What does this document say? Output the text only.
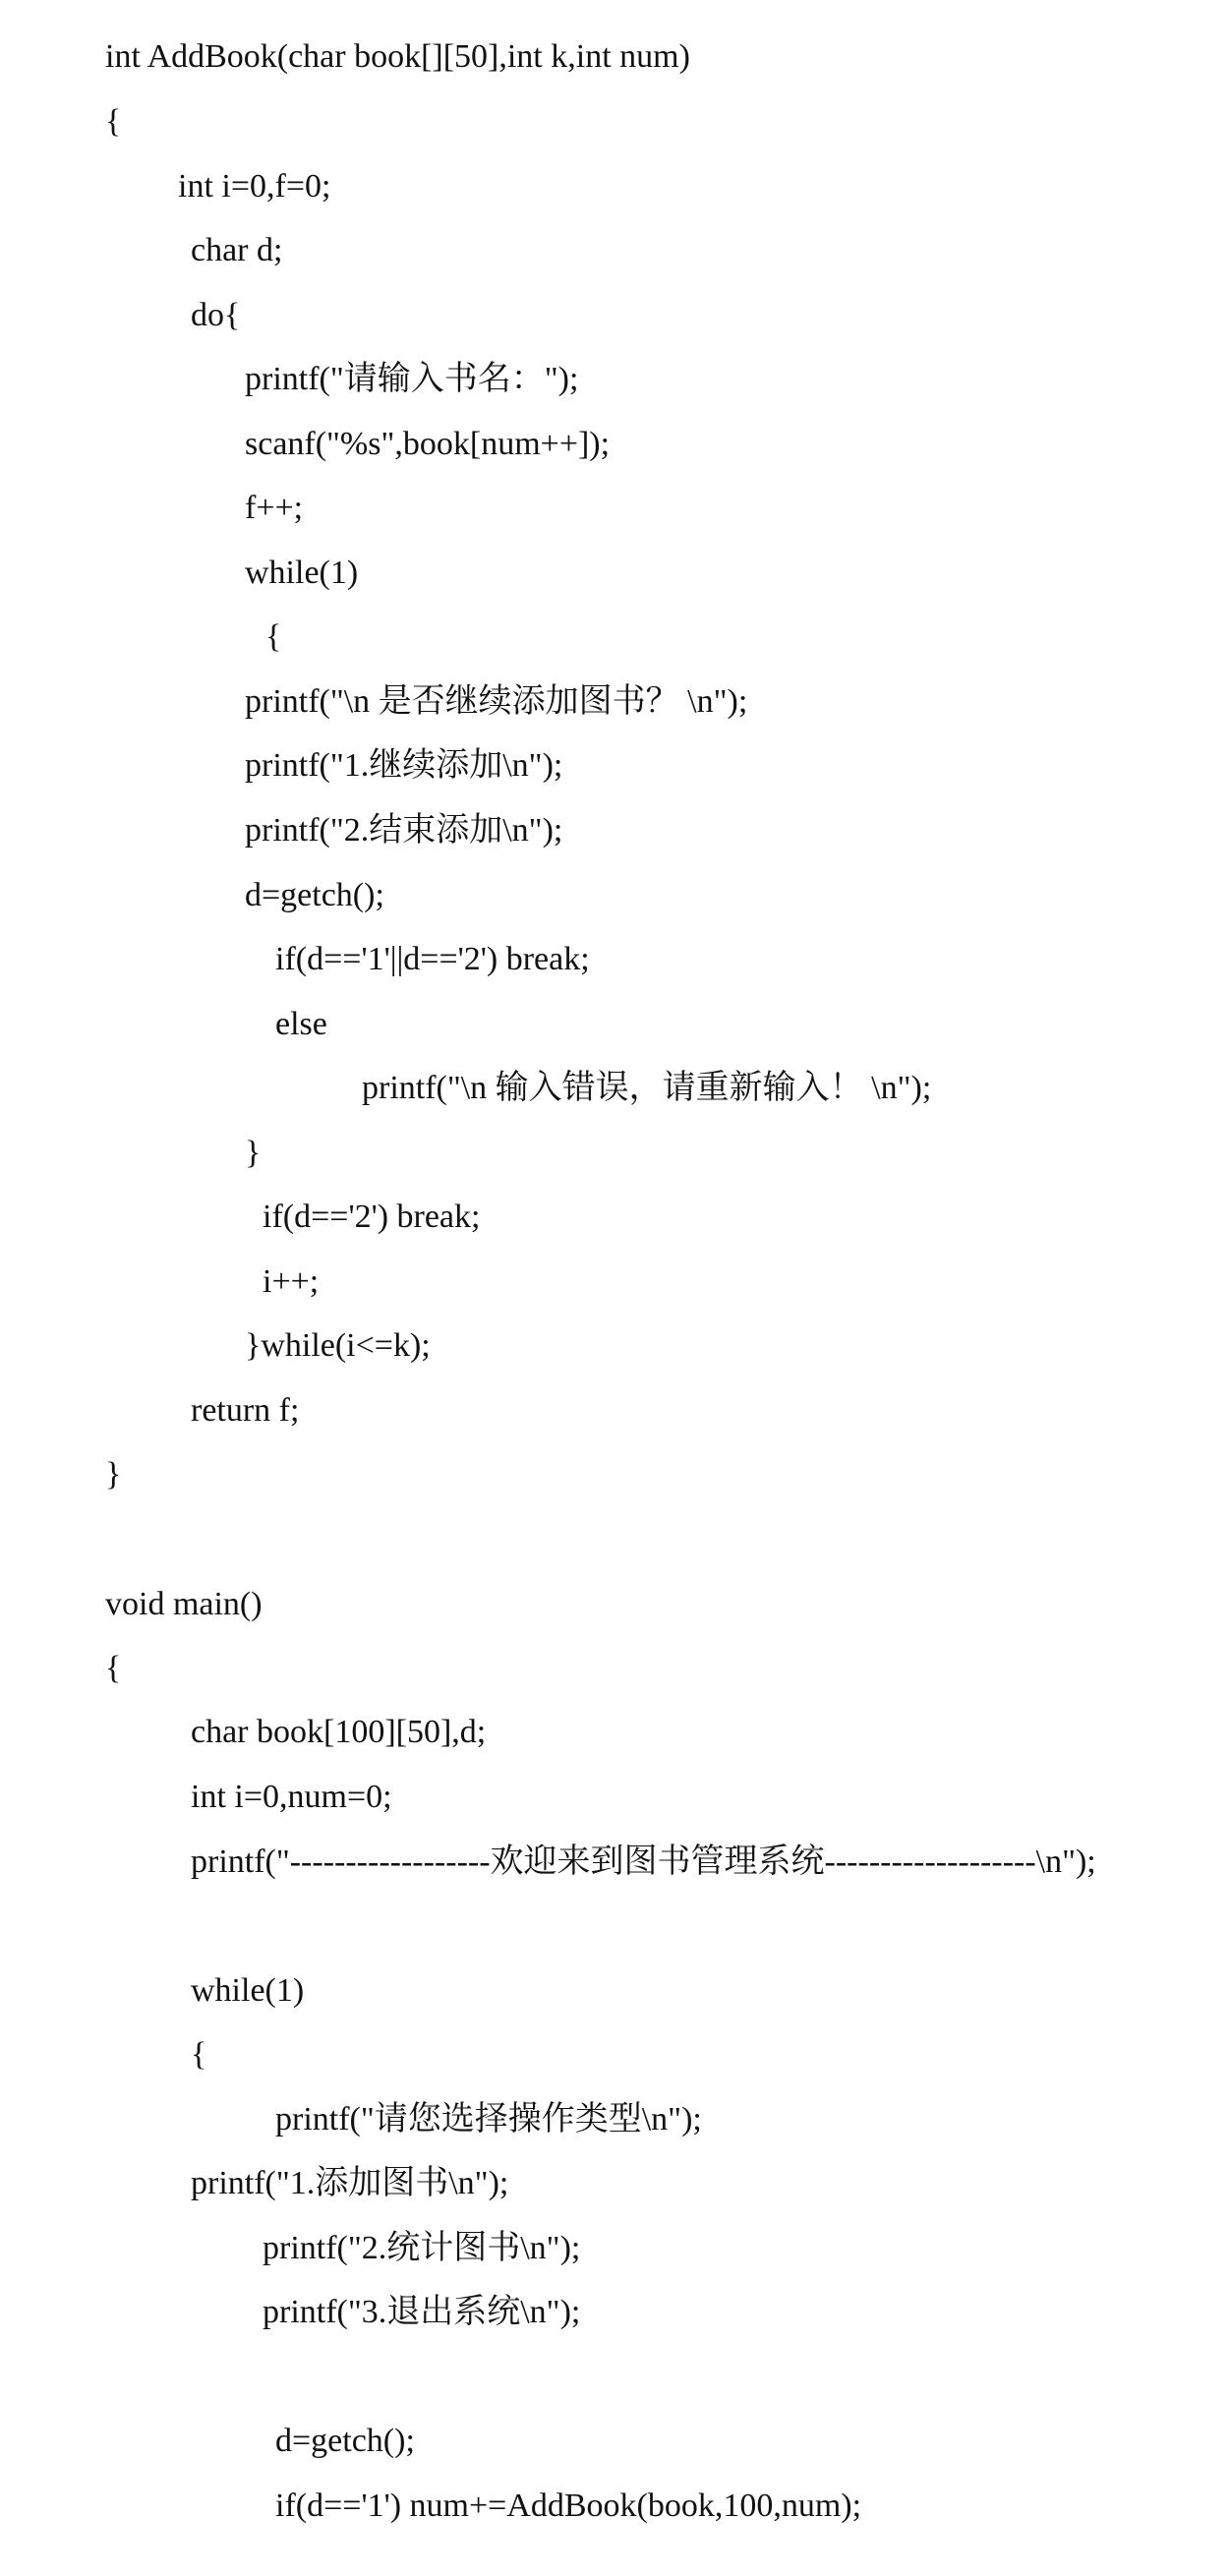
int AddBook(char book[][50],int k,int num)
{
int i=0,f=0;
char d;
do{
printf("请输入书名：");
scanf("%s",book[num++]);
f++;
while(1)
{
printf("\n 是否继续添加图书？ \n");
printf("1.继续添加\n");
printf("2.结束添加\n");
d=getch();
if(d=='1'||d=='2') break;
else
printf("\n 输入错误，请重新输入！ \n");
}
if(d=='2') break;
i++;
}while(i<=k);
return f;
}
void main()
{
char book[100][50],d;
int i=0,num=0;
printf("------------------欢迎来到图书管理系统-------------------\n");
while(1)
{
printf("请您选择操作类型\n");
printf("1.添加图书\n");
printf("2.统计图书\n");
printf("3.退出系统\n");
d=getch();
if(d=='1') num+=AddBook(book,100,num);
